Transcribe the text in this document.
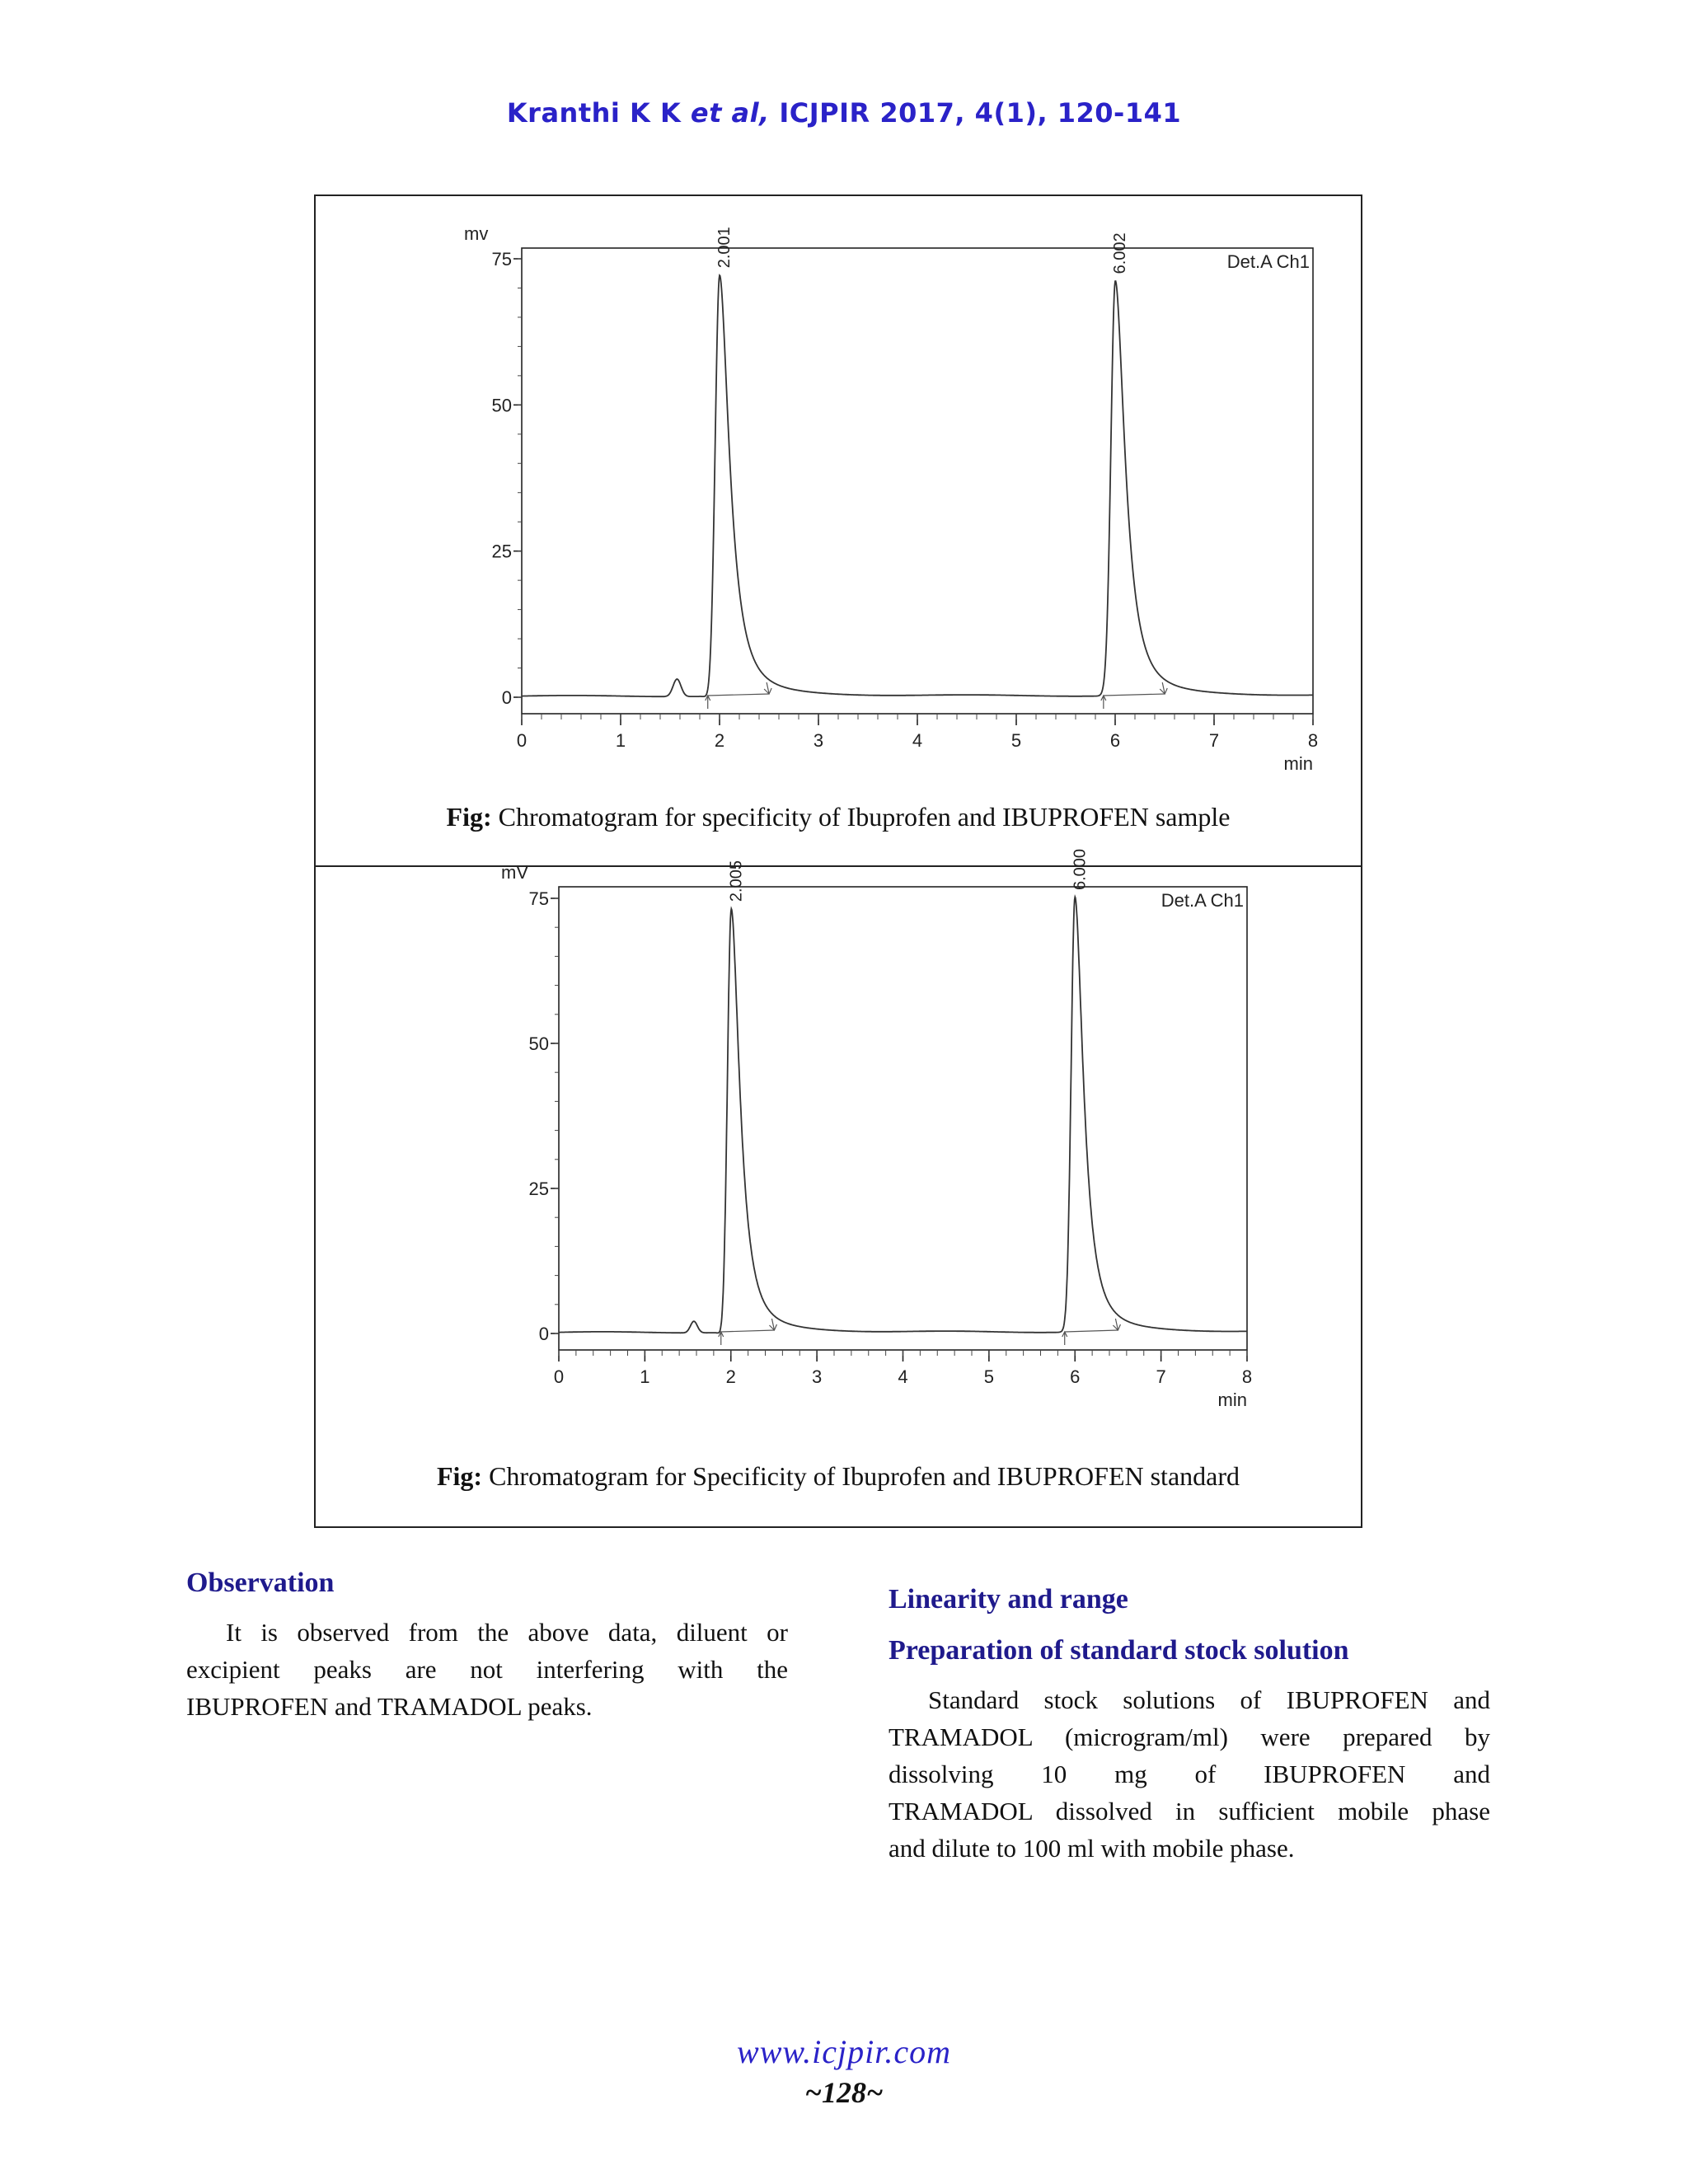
Kranthi K K et al, ICJPIR 2017, 4(1), 120-141
0
25
50
75
0	1	2	3	4	5	6	7	8
mv
min
Det.A Ch1
2.001	6.002
Fig: Chromatogram for specificity of Ibuprofen and IBUPROFEN sample
0
25
50
75
0	1	2	3	4	5	6	7	8
mV
min
Det.A Ch1
2.005	6.000
Fig: Chromatogram for Specificity of Ibuprofen and IBUPROFEN standard
Observation
It is observed from the above data, diluent or
excipient peaks are not interfering with the
IBUPROFEN and TRAMADOL peaks.
Linearity and range
Preparation of standard stock solution
Standard stock solutions of IBUPROFEN and
TRAMADOL (microgram/ml) were prepared by
dissolving 10 mg of IBUPROFEN and
TRAMADOL dissolved in sufficient mobile phase
and dilute to 100 ml with mobile phase.
www.icjpir.com
~128~
